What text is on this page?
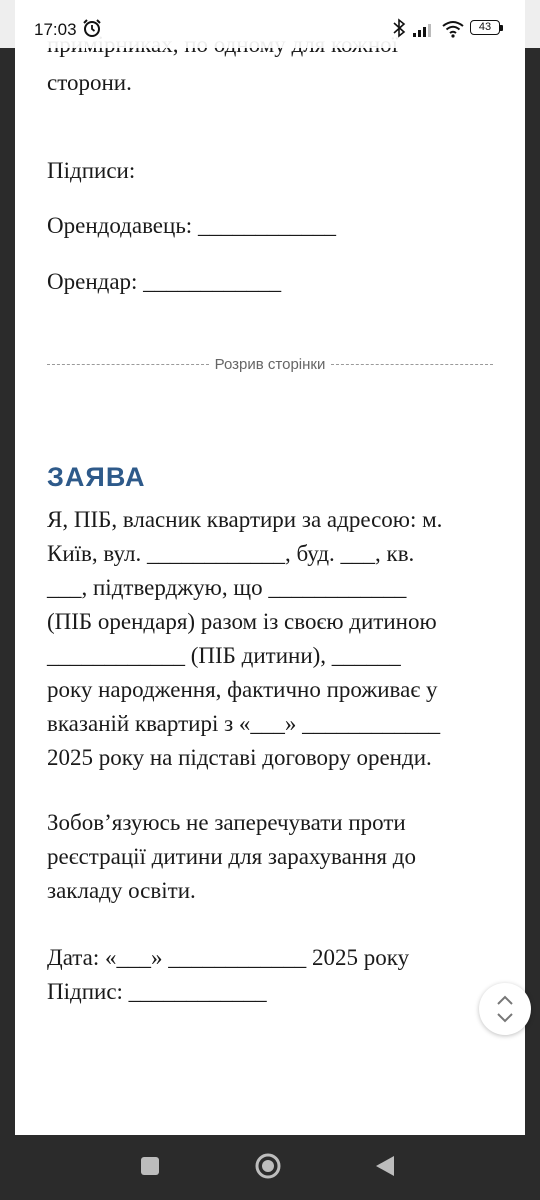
17:03	43

сторони.

Підписи:

Орендодавець: ____________

Орендар: ____________

Я, ПІБ, власник квартири за адресою: м.

Київ, вул. ____________, буд. ___, кв.

___, підтверджую, що ____________

(ПІБ орендаря) разом із своєю дитиною

____________ (ПІБ дитини), ______

року народження, фактично проживає у

вказаній квартирі з «___» ____________

2025 року на підставі договору оренди.

Зобов’язуюсь не заперечувати проти

реєстрації дитини для зарахування до

закладу освіти.

Дата: «___» ____________ 2025 року

Підпис: ____________

Розрив сторінки
ЗАЯВА
